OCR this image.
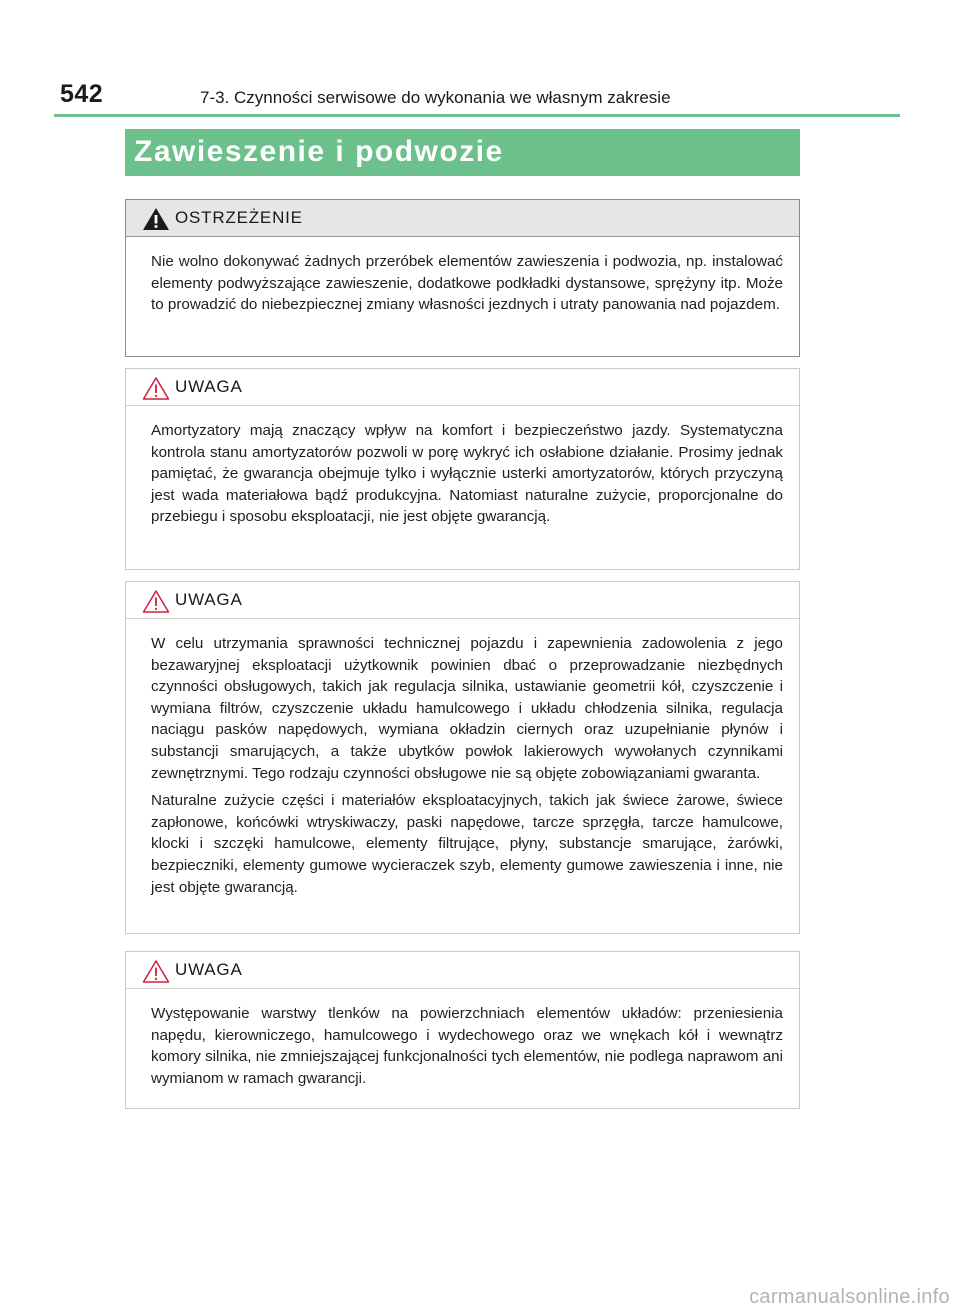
542	7-3. Czynności serwisowe do wykonania we własnym zakresie
Zawieszenie i podwozie
OSTRZEŻENIE

Nie wolno dokonywać żadnych przeróbek elementów zawieszenia i podwozia, np. instalować elementy podwyższające zawieszenie, dodatkowe podkładki dystansowe, sprężyny itp. Może to prowadzić do niebezpiecznej zmiany własności jezdnych i utraty panowania nad pojazdem.

UWAGA

Amortyzatory mają znaczący wpływ na komfort i bezpieczeństwo jazdy. Systematyczna kontrola stanu amortyzatorów pozwoli w porę wykryć ich osłabione działanie. Prosimy jednak pamiętać, że gwarancja obejmuje tylko i wyłącznie usterki amortyzatorów, których przyczyną jest wada materiałowa bądź produkcyjna. Natomiast naturalne zużycie, proporcjonalne do przebiegu i sposobu eksploatacji, nie jest objęte gwarancją.

UWAGA

W celu utrzymania sprawności technicznej pojazdu i zapewnienia zadowolenia z jego bezawaryjnej eksploatacji użytkownik powinien dbać o przeprowadzanie niezbędnych czynności obsługowych, takich jak regulacja silnika, ustawianie geometrii kół, czyszczenie i wymiana filtrów, czyszczenie układu hamulcowego i układu chłodzenia silnika, regulacja naciągu pasków napędowych, wymiana okładzin ciernych oraz uzupełnianie płynów i substancji smarujących, a także ubytków powłok lakierowych wywołanych czynnikami zewnętrznymi. Tego rodzaju czynności obsługowe nie są objęte zobowiązaniami gwaranta.

Naturalne zużycie części i materiałów eksploatacyjnych, takich jak świece żarowe, świece zapłonowe, końcówki wtryskiwaczy, paski napędowe, tarcze sprzęgła, tarcze hamulcowe, klocki i szczęki hamulcowe, elementy filtrujące, płyny, substancje smarujące, żarówki, bezpieczniki, elementy gumowe wycieraczek szyb, elementy gumowe zawieszenia i inne, nie jest objęte gwarancją.

UWAGA

Występowanie warstwy tlenków na powierzchniach elementów układów: przeniesienia napędu, kierowniczego, hamulcowego i wydechowego oraz we wnękach kół i wewnątrz komory silnika, nie zmniejszającej funkcjonalności tych elementów, nie podlega naprawom ani wymianom w ramach gwarancji.

carmanualsonline.info
